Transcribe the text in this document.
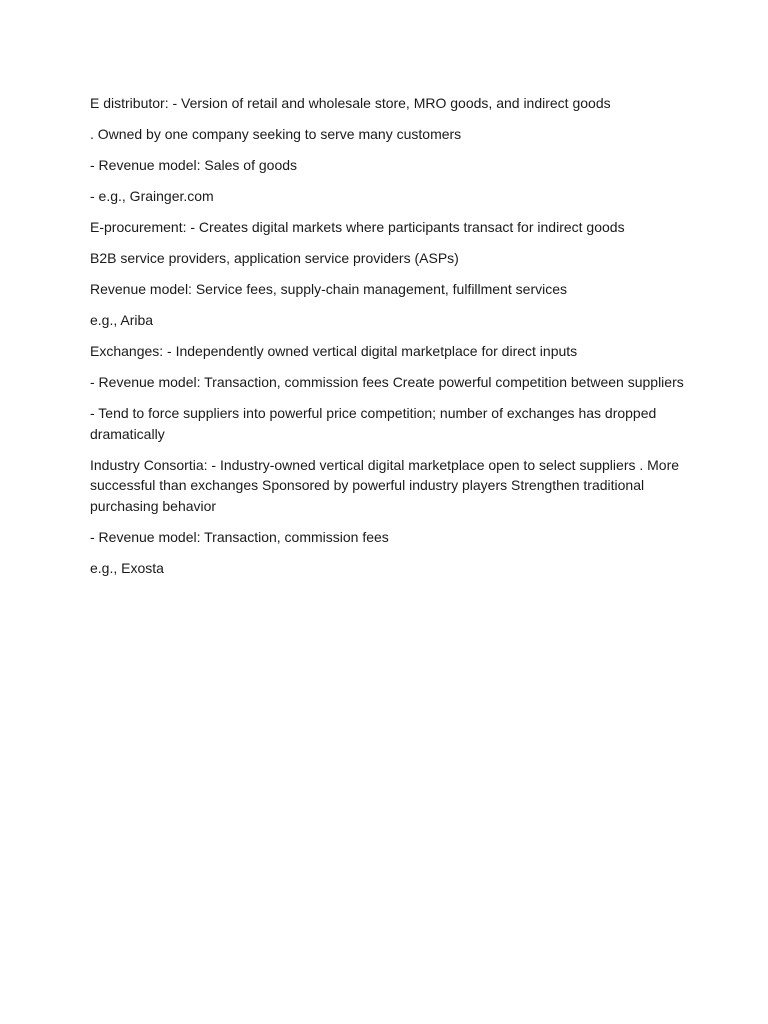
E distributor: - Version of retail and wholesale store, MRO goods, and indirect goods

. Owned by one company seeking to serve many customers

- Revenue model: Sales of goods

- e.g., Grainger.com

E-procurement: - Creates digital markets where participants transact for indirect goods

B2B service providers, application service providers (ASPs)

Revenue model: Service fees, supply-chain management, fulfillment services

e.g., Ariba

Exchanges: - Independently owned vertical digital marketplace for direct inputs

- Revenue model: Transaction, commission fees Create powerful competition between suppliers

- Tend to force suppliers into powerful price competition; number of exchanges has dropped dramatically

Industry Consortia: - Industry-owned vertical digital marketplace open to select suppliers . More successful than exchanges Sponsored by powerful industry players Strengthen traditional purchasing behavior

- Revenue model: Transaction, commission fees

e.g., Exosta
